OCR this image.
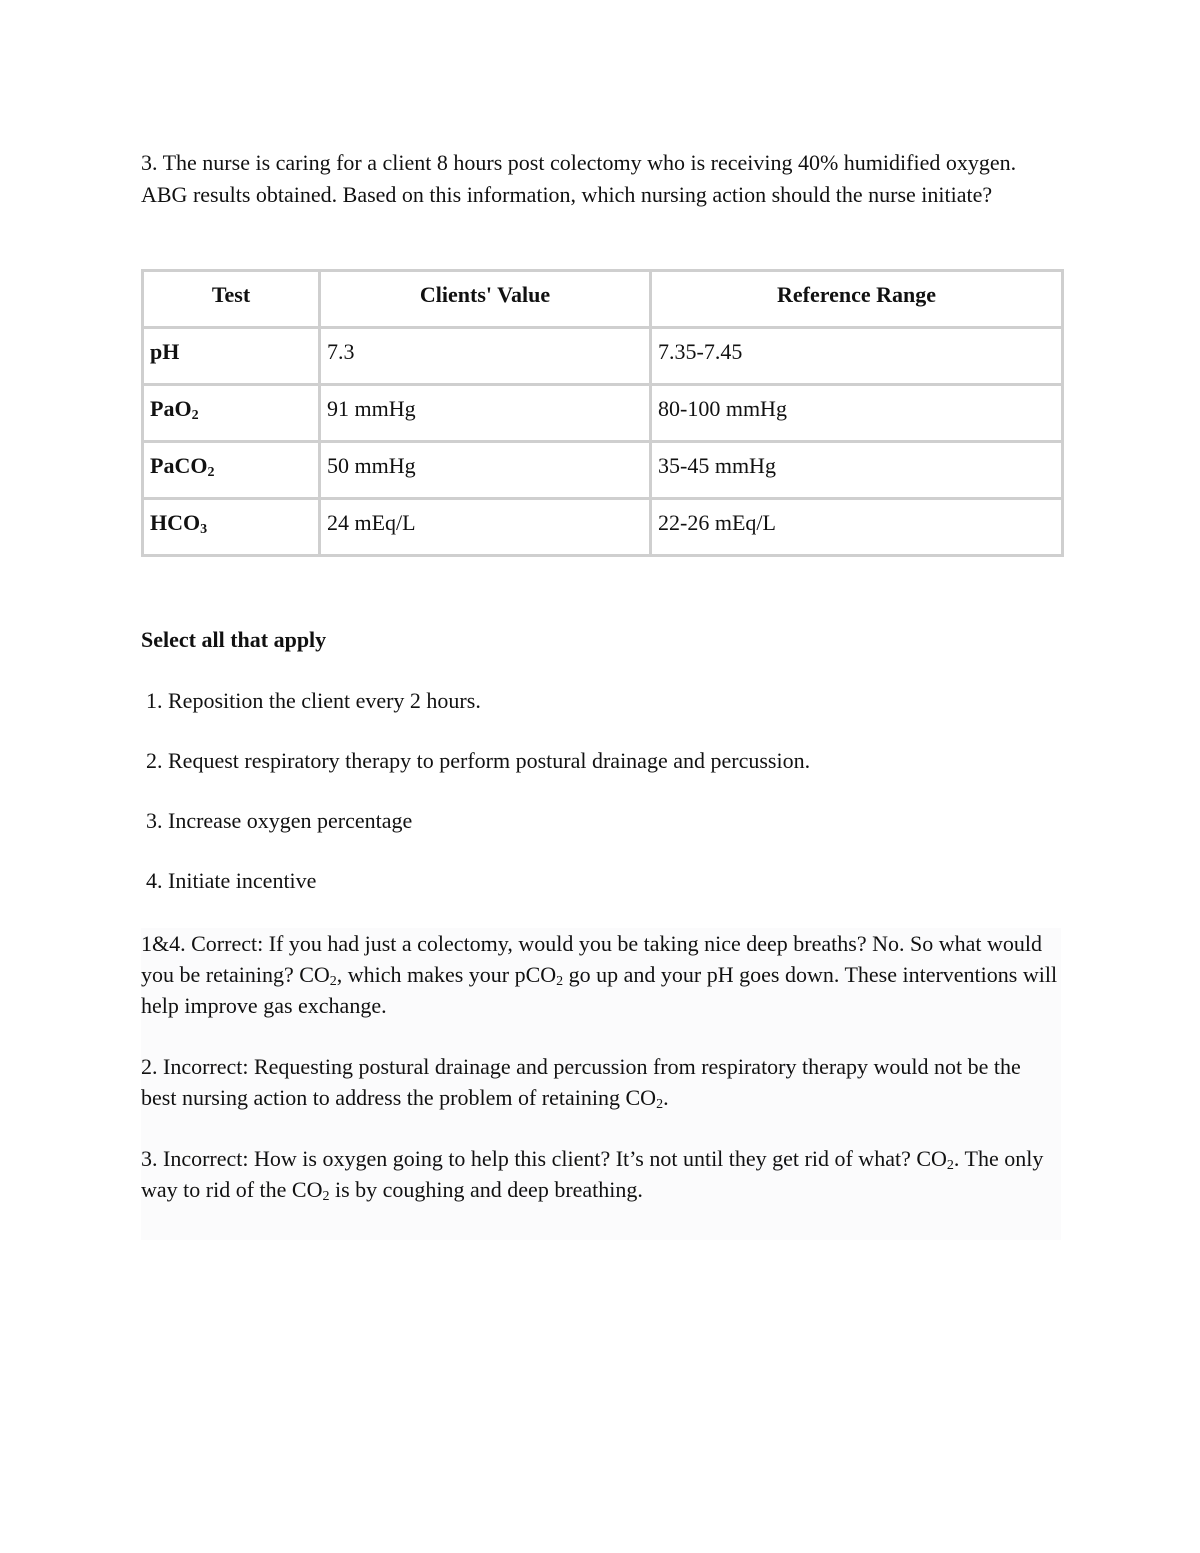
3. The nurse is caring for a client 8 hours post colectomy who is receiving 40% humidified oxygen. ABG results obtained. Based on this information, which nursing action should the nurse initiate?

Test	Clients' Value	Reference Range
pH	7.3	7.35-7.45
PaO$_2$	91 mmHg	80-100 mmHg
PaCO$_2$	50 mmHg	35-45 mmHg
$HCO_3$	24 mEq/L	22-26 mEq/L

Select all that apply

1. Reposition the client every 2 hours.

2. Request respiratory therapy to perform postural drainage and percussion.

3. Increase oxygen percentage

4. Initiate incentive

1&4. Correct: If you had just a colectomy, would you be taking nice deep breaths? No. So what would you be retaining? $CO_2$, which makes your pCO$_2$ go up and your pH goes down. These interventions will help improve gas exchange.

2. Incorrect: Requesting postural drainage and percussion from respiratory therapy would not be the best nursing action to address the problem of retaining $CO_2$.

3. Incorrect: How is oxygen going to help this client? It’s not until they get rid of what? $CO_2$. The only way to rid of the $CO_2$ is by coughing and deep breathing.
